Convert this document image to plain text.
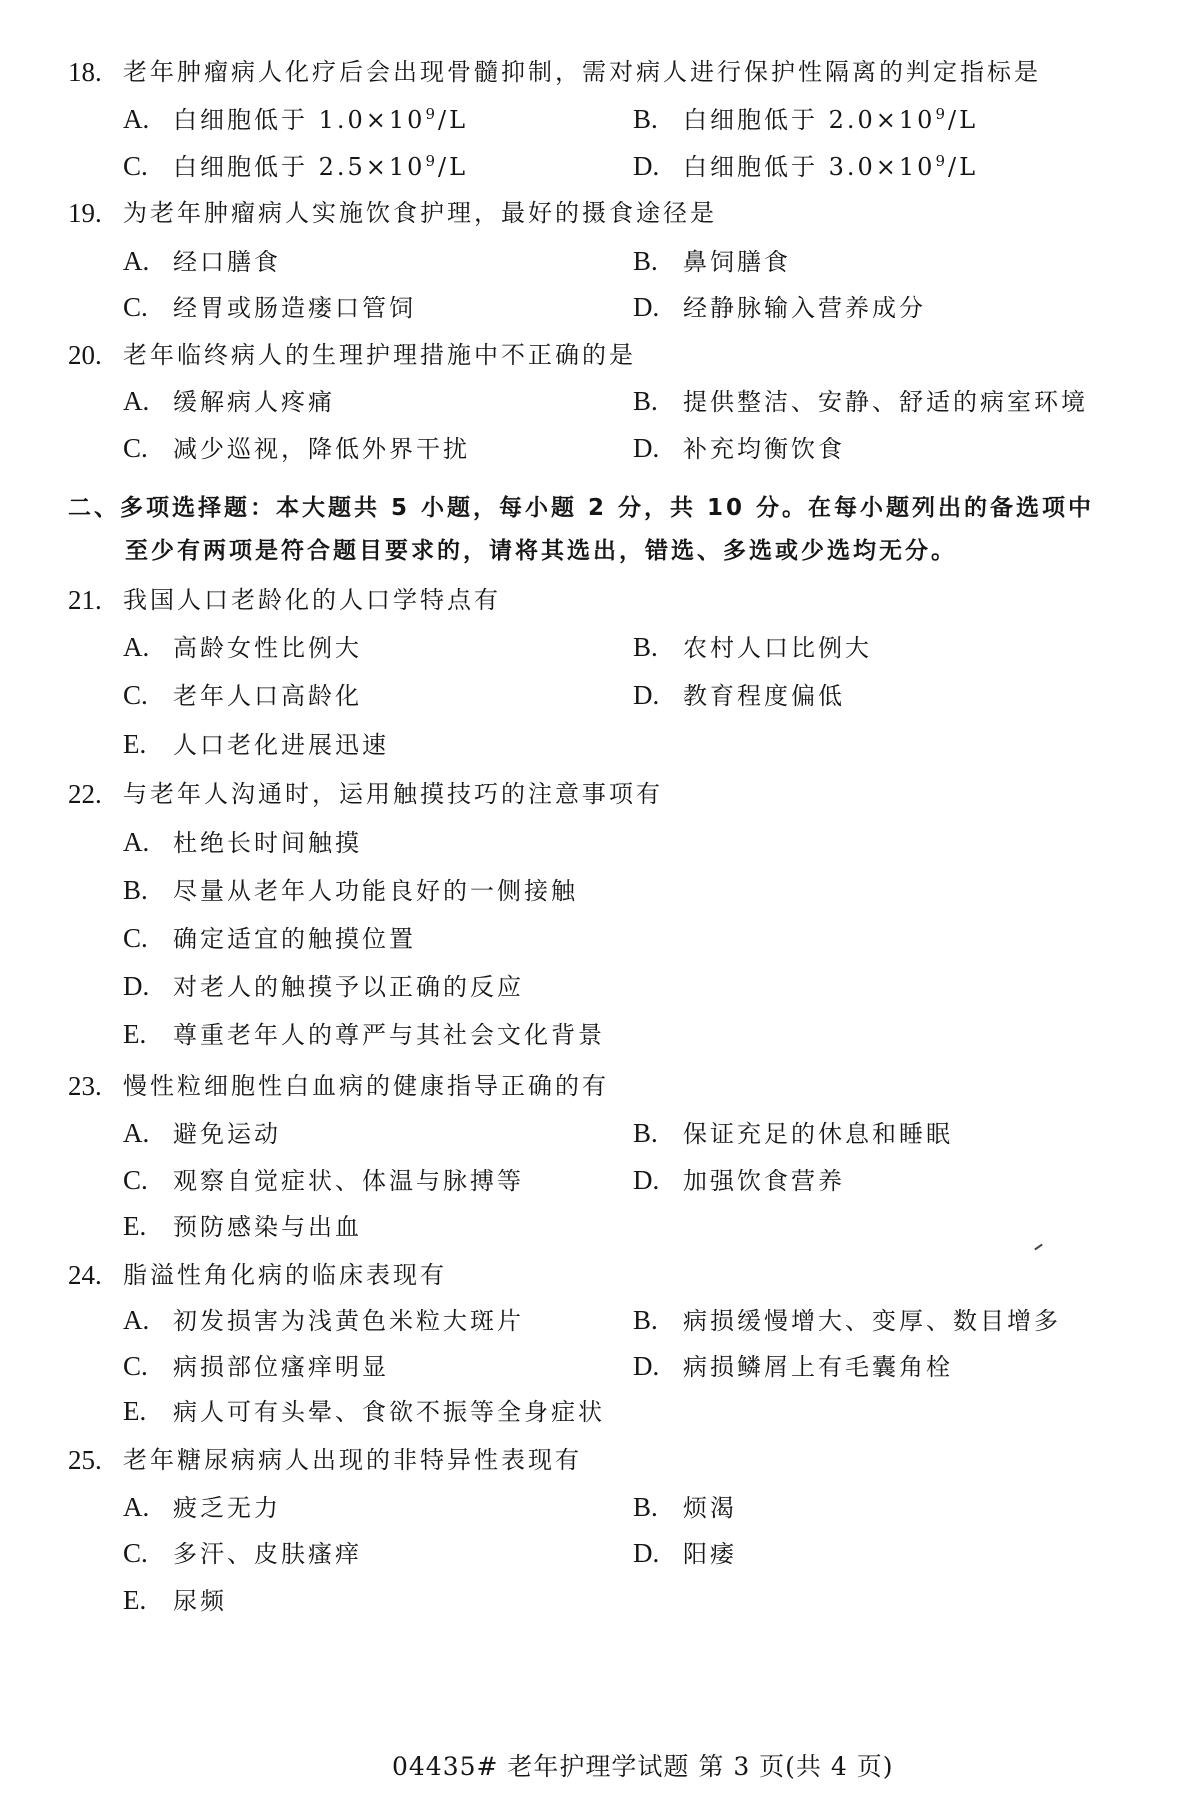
18. 老年肿瘤病人化疗后会出现骨髓抑制，需对病人进行保护性隔离的判定指标是
A. 白细胞低于 $1.0\times 10^9/L$	B. 白细胞低于 $2.0\times 10^9/L$
C. 白细胞低于 $2.5\times 10^9/L$	D. 白细胞低于 $3.0\times 10^9/L$
19. 为老年肿瘤病人实施饮食护理，最好的摄食途径是
A. 经口膳食	B. 鼻饲膳食
C. 经胃或肠造瘘口管饲	D. 经静脉输入营养成分
20. 老年临终病人的生理护理措施中不正确的是
A. 缓解病人疼痛	B. 提供整洁、安静、舒适的病室环境
C. 减少巡视，降低外界干扰	D. 补充均衡饮食
二、多项选择题：本大题共 5 小题，每小题 2 分，共 10 分。在每小题列出的备选项中
至少有两项是符合题目要求的，请将其选出，错选、多选或少选均无分。
21. 我国人口老龄化的人口学特点有
A. 高龄女性比例大	B. 农村人口比例大
C. 老年人口高龄化	D. 教育程度偏低
E. 人口老化进展迅速
22. 与老年人沟通时，运用触摸技巧的注意事项有
A. 杜绝长时间触摸
B. 尽量从老年人功能良好的一侧接触
C. 确定适宜的触摸位置
D. 对老人的触摸予以正确的反应
E. 尊重老年人的尊严与其社会文化背景
23. 慢性粒细胞性白血病的健康指导正确的有
A. 避免运动	B. 保证充足的休息和睡眠
C. 观察自觉症状、体温与脉搏等	D. 加强饮食营养
E. 预防感染与出血
24. 脂溢性角化病的临床表现有
A. 初发损害为浅黄色米粒大斑片	B. 病损缓慢增大、变厚、数目增多
C. 病损部位瘙痒明显	D. 病损鳞屑上有毛囊角栓
E. 病人可有头晕、食欲不振等全身症状
25. 老年糖尿病病人出现的非特异性表现有
A. 疲乏无力	B. 烦渴
C. 多汗、皮肤瘙痒	D. 阳痿
E. 尿频
04435# 老年护理学试题 第 3 页(共 4 页)
